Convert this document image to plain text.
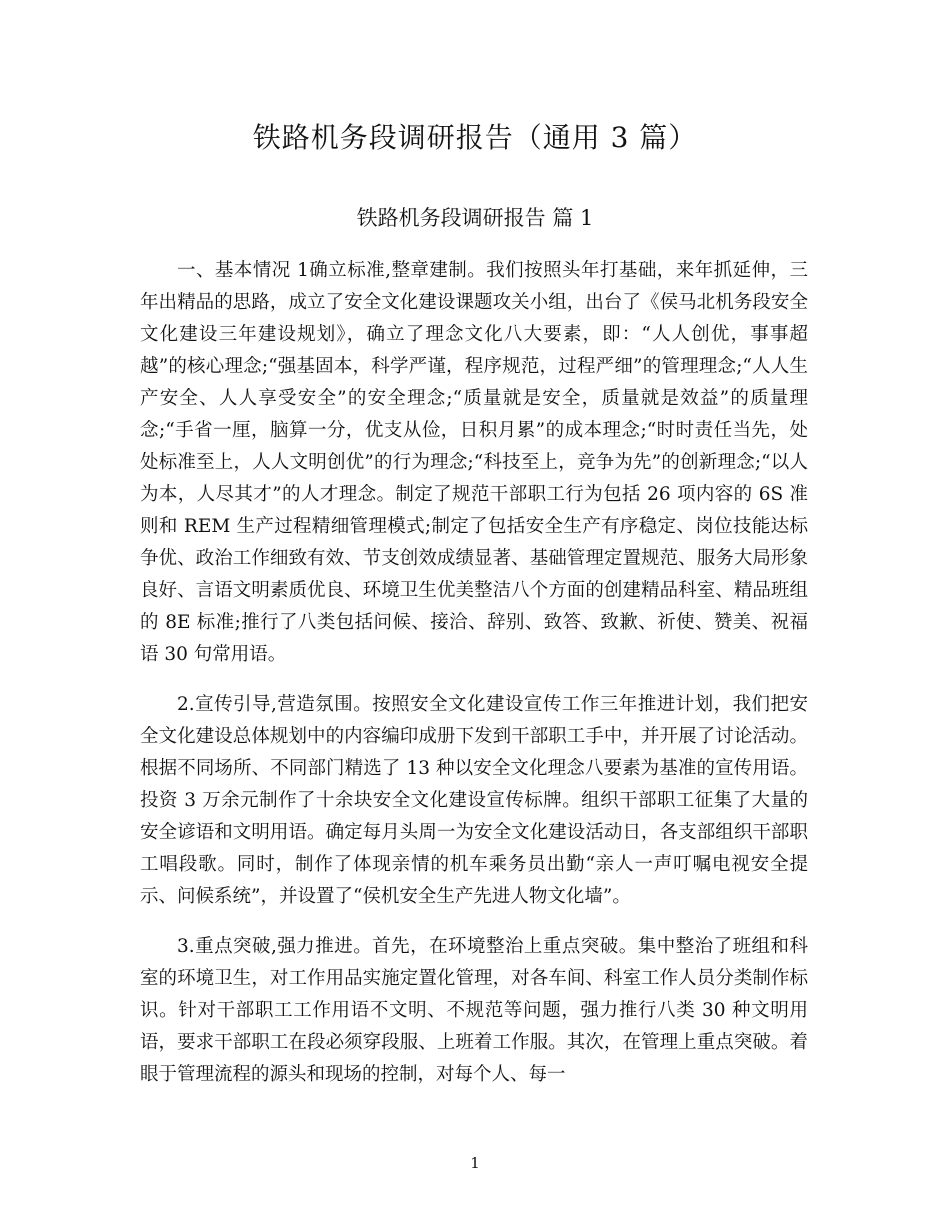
铁路机务段调研报告（通用 3 篇）
铁路机务段调研报告 篇 1

一、基本情况 1确立标准,整章建制。我们按照头年打基础，来年抓延伸，三年出精品的思路，成立了安全文化建设课题攻关小组，出台了《侯马北机务段安全文化建设三年建设规划》，确立了理念文化八大要素，即：“人人创优，事事超越”的核心理念;“强基固本，科学严谨，程序规范，过程严细”的管理理念;“人人生产安全、人人享受安全”的安全理念;“质量就是安全，质量就是效益”的质量理念;“手省一厘，脑算一分，优支从俭，日积月累”的成本理念;“时时责任当先，处处标准至上，人人文明创优”的行为理念;“科技至上，竞争为先”的创新理念;“以人为本，人尽其才”的人才理念。制定了规范干部职工行为包括 26 项内容的 6S 准则和 REM 生产过程精细管理模式;制定了包括安全生产有序稳定、岗位技能达标争优、政治工作细致有效、节支创效成绩显著、基础管理定置规范、服务大局形象良好、言语文明素质优良、环境卫生优美整洁八个方面的创建精品科室、精品班组的 8E 标准;推行了八类包括问候、接洽、辞别、致答、致歉、祈使、赞美、祝福语 30 句常用语。

2.宣传引导,营造氛围。按照安全文化建设宣传工作三年推进计划，我们把安全文化建设总体规划中的内容编印成册下发到干部职工手中，并开展了讨论活动。根据不同场所、不同部门精选了 13 种以安全文化理念八要素为基准的宣传用语。投资 3 万余元制作了十余块安全文化建设宣传标牌。组织干部职工征集了大量的安全谚语和文明用语。确定每月头周一为安全文化建设活动日，各支部组织干部职工唱段歌。同时，制作了体现亲情的机车乘务员出勤“亲人一声叮嘱电视安全提示、问候系统”，并设置了“侯机安全生产先进人物文化墙”。

3.重点突破,强力推进。首先，在环境整治上重点突破。集中整治了班组和科室的环境卫生，对工作用品实施定置化管理，对各车间、科室工作人员分类制作标识。针对干部职工工作用语不文明、不规范等问题，强力推行八类 30 种文明用语，要求干部职工在段必须穿段服、上班着工作服。其次，在管理上重点突破。着眼于管理流程的源头和现场的控制，对每个人、每一

1
